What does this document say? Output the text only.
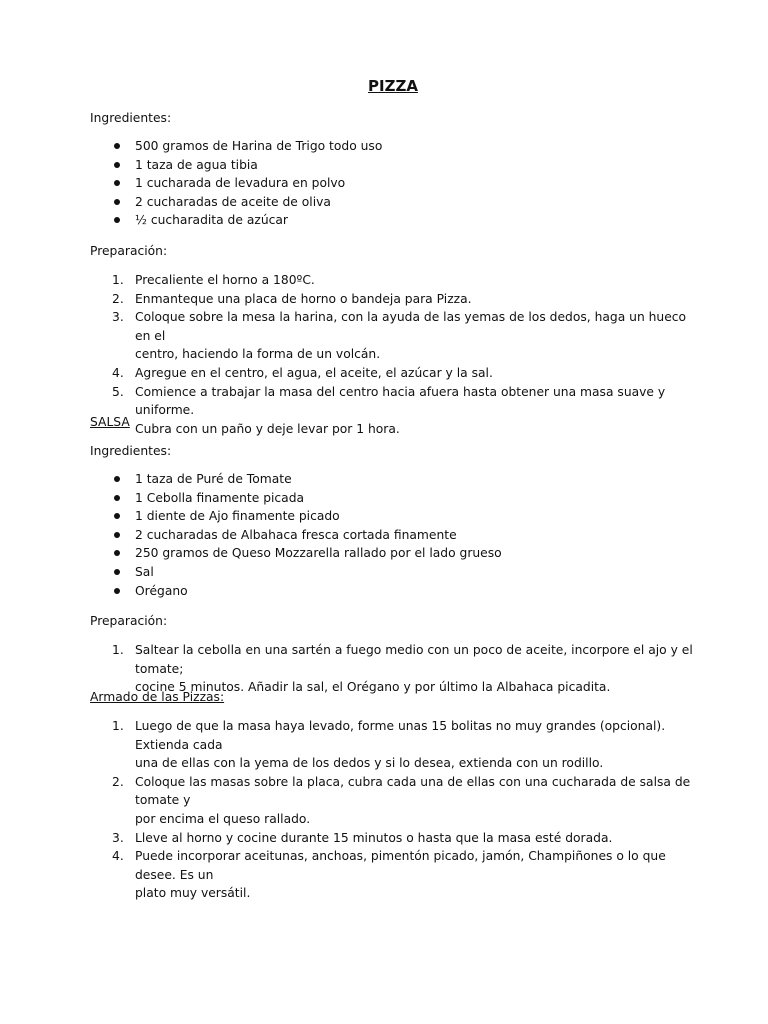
PIZZA

Ingredientes:

500 gramos de Harina de Trigo todo uso
1 taza de agua tibia
1 cucharada de levadura en polvo
2 cucharadas de aceite de oliva
½ cucharadita de azúcar

Preparación:

1. Precaliente el horno a 180ºC.
2. Enmanteque una placa de horno o bandeja para Pizza.
3. Coloque sobre la mesa la harina, con la ayuda de las yemas de los dedos, haga un hueco en el
centro, haciendo la forma de un volcán.
4. Agregue en el centro, el agua, el aceite, el azúcar y la sal.
5. Comience a trabajar la masa del centro hacia afuera hasta obtener una masa suave y uniforme.
Cubra con un paño y deje levar por 1 hora.

SALSA

Ingredientes:

1 taza de Puré de Tomate
1 Cebolla finamente picada
1 diente de Ajo finamente picado
2 cucharadas de Albahaca fresca cortada finamente
250 gramos de Queso Mozzarella rallado por el lado grueso
Sal
Orégano

Preparación:

1. Saltear la cebolla en una sartén a fuego medio con un poco de aceite, incorpore el ajo y el tomate;
cocine 5 minutos. Añadir la sal, el Orégano y por último la Albahaca picadita.

Armado de las Pizzas:

1. Luego de que la masa haya levado, forme unas 15 bolitas no muy grandes (opcional). Extienda cada
una de ellas con la yema de los dedos y si lo desea, extienda con un rodillo.
2. Coloque las masas sobre la placa, cubra cada una de ellas con una cucharada de salsa de tomate y
por encima el queso rallado.
3. Lleve al horno y cocine durante 15 minutos o hasta que la masa esté dorada.
4. Puede incorporar aceitunas, anchoas, pimentón picado, jamón, Champiñones o lo que desee. Es un
plato muy versátil.
